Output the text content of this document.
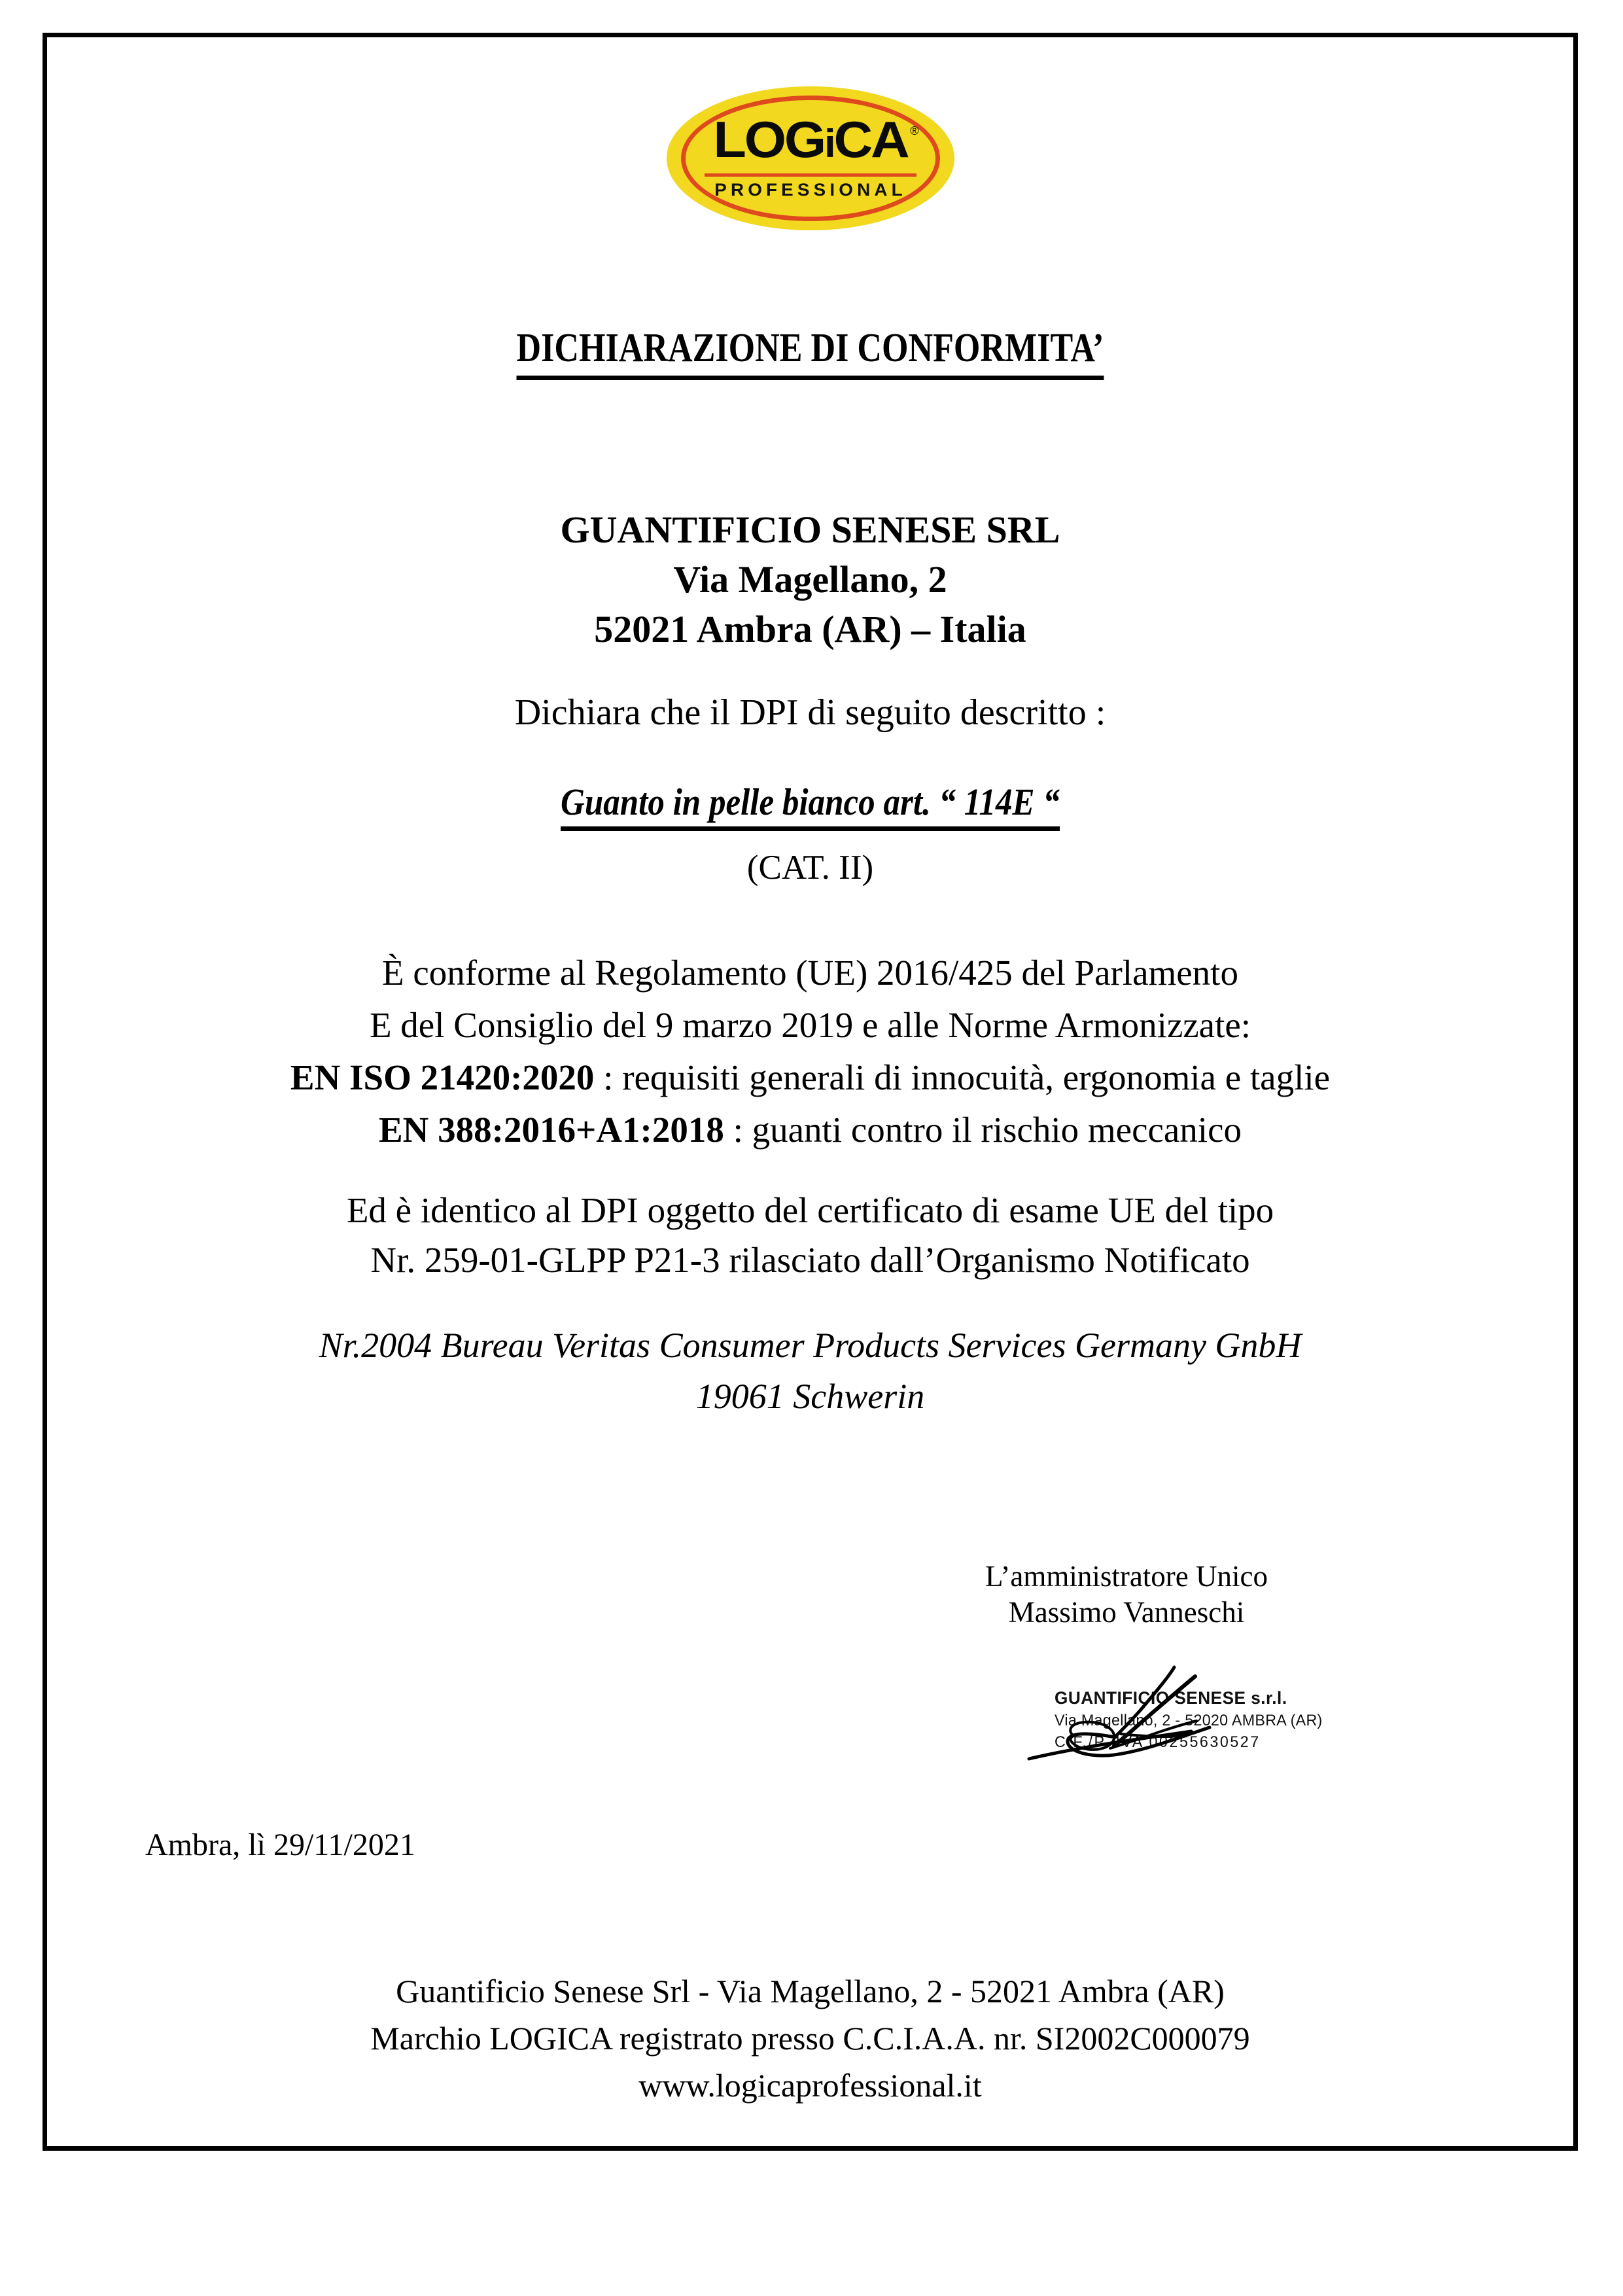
LOGiCA ®
PROFESSIONAL
DICHIARAZIONE DI CONFORMITA’
GUANTIFICIO SENESE SRL
Via Magellano, 2
52021 Ambra (AR) – Italia
Dichiara che il DPI di seguito descritto :
Guanto in pelle bianco art. “ 114E “
(CAT. II)
È conforme al Regolamento (UE) 2016/425 del Parlamento
E del Consiglio del 9 marzo 2019 e alle Norme Armonizzate:
EN ISO 21420:2020 : requisiti generali di innocuità, ergonomia e taglie
EN 388:2016+A1:2018 : guanti contro il rischio meccanico
Ed è identico al DPI oggetto del certificato di esame UE del tipo
Nr. 259-01-GLPP P21-3 rilasciato dall’Organismo Notificato
Nr.2004 Bureau Veritas Consumer Products Services Germany GnbH
19061 Schwerin
L’amministratore Unico
Massimo Vanneschi
GUANTIFICIO SENESE s.r.l.
Via Magellano, 2 - 52020 AMBRA (AR)
C.F./P. IVA 00255630527
Ambra, lì 29/11/2021
Guantificio Senese Srl - Via Magellano, 2 - 52021 Ambra (AR)
Marchio LOGICA registrato presso C.C.I.A.A. nr. SI2002C000079
www.logicaprofessional.it
